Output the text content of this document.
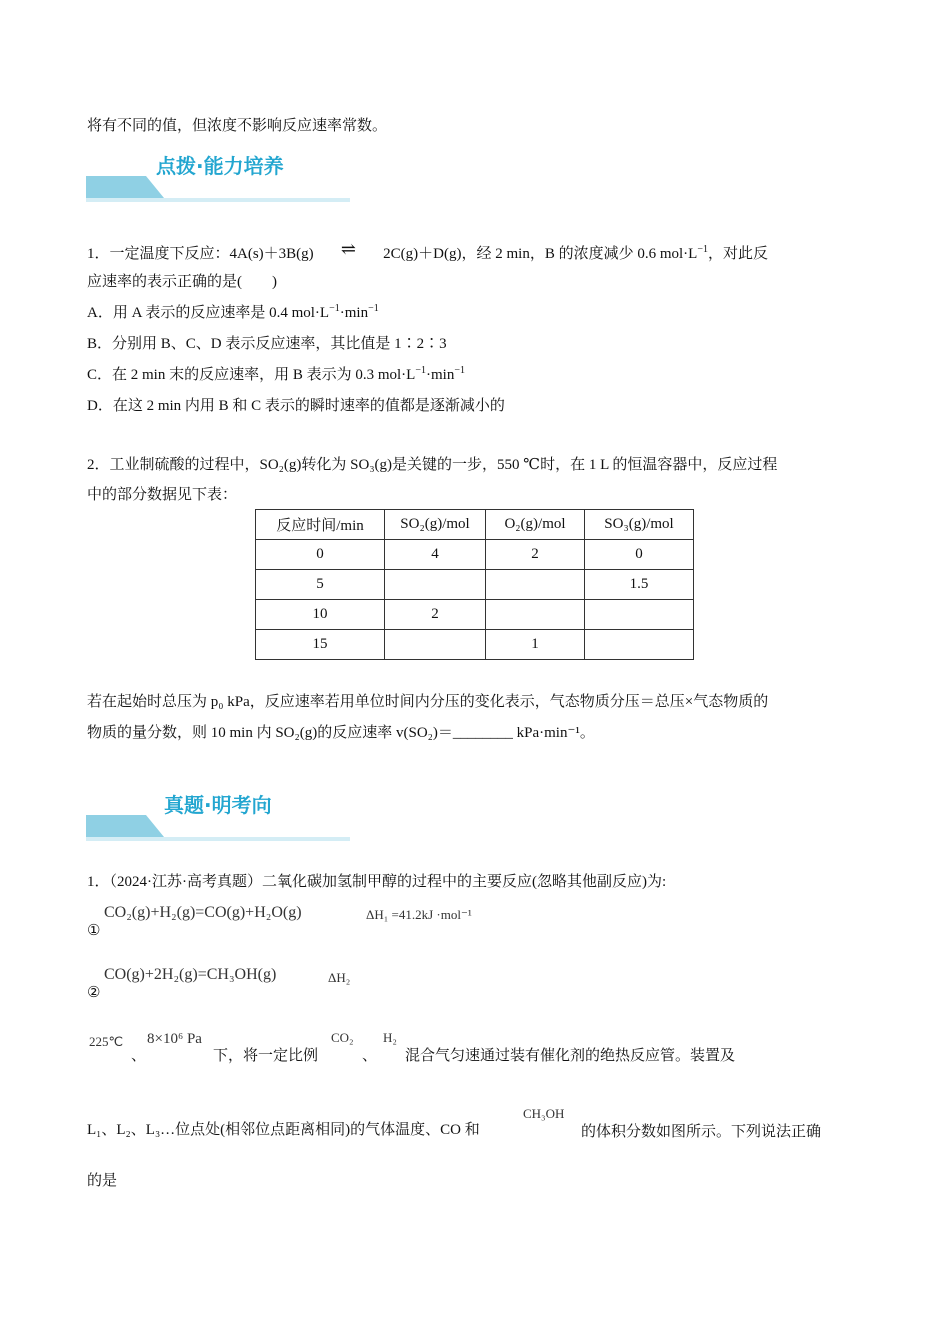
将有不同的值，但浓度不影响反应速率常数。
点拨·能力培养
1．一定温度下反应：4A(s)＋3B(g) ⇌ 2C(g)＋D(g)，经 2 min，B 的浓度减少 0.6 $mol\cdot L^{-1}$，对此反
应速率的表示正确的是(　　)
A．用 A 表示的反应速率是 0.4 $mol\cdot L^{-1}\cdot\min^{-1}$
B．分别用 B、C、D 表示反应速率，其比值是 1∶2∶3
C．在 2 min 末的反应速率，用 B 表示为 0.3 $mol\cdot L^{-1}\cdot\min^{-1}$
D．在这 2 min 内用 B 和 C 表示的瞬时速率的值都是逐渐减小的
2．工业制硫酸的过程中，SO₂(g)转化为 SO₃(g)是关键的一步，550 ℃时，在 1 L 的恒温容器中，反应过程
中的部分数据见下表：
反应时间/min	SO₂(g)/mol	O₂(g)/mol	SO₃(g)/mol
0	4	2	0
5			1.5
10	2		
15		1	
若在起始时总压为 p₀ kPa，反应速率若用单位时间内分压的变化表示，气态物质分压＝总压×气态物质的
物质的量分数，则 10 min 内 SO₂(g)的反应速率 v(SO₂)＝________ kPa·min⁻¹。
真题·明考向
1．（2024·江苏·高考真题）二氧化碳加氢制甲醇的过程中的主要反应(忽略其他副反应)为:
①
CO₂(g)+H₂(g)=CO(g)+H₂O(g)	ΔH₁ =41.2kJ ·mol⁻¹
②
CO(g)+2H₂(g)=CH₃OH(g)	ΔH₂
225℃
、
8×10⁶ Pa
下，将一定比例
CO₂
、
H₂
混合气匀速通过装有催化剂的绝热反应管。装置及
L₁、L₂、L₃…位点处(相邻位点距离相同)的气体温度、CO 和
CH₃OH
的体积分数如图所示。下列说法正确
的是
